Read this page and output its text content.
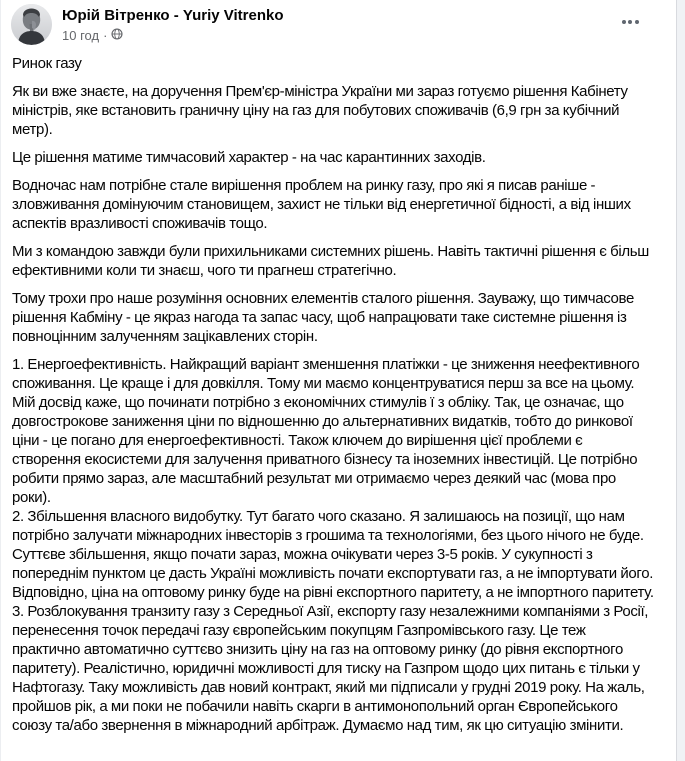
Юрій Вітренко - Yuriy Vitrenko
10 год ·

Ринок газу

Як ви вже знаєте, на доручення Прем'єр-міністра України ми зараз готуємо рішення Кабінету міністрів, яке встановить граничну ціну на газ для побутових споживачів (6,9 грн за кубічний метр).

Це рішення матиме тимчасовий характер - на час карантинних заходів.

Водночас нам потрібне стале вирішення проблем на ринку газу, про які я писав раніше - зловживання домінуючим становищем, захист не тільки від енергетичної бідності, а від інших аспектів вразливості споживачів тощо.

Ми з командою завжди були прихильниками системних рішень. Навіть тактичні рішення є більш ефективними коли ти знаєш, чого ти прагнеш стратегічно.

Тому трохи про наше розуміння основних елементів сталого рішення. Зауважу, що тимчасове рішення Кабміну - це якраз нагода та запас часу, щоб напрацювати таке системне рішення із повноцінним залученням зацікавлених сторін.

1. Енергоефективність. Найкращий варіант зменшення платіжки - це зниження неефективного споживання. Це краще і для довкілля. Тому ми маємо концентруватися перш за все на цьому. Мій досвід каже, що починати потрібно з економічних стимулів ї з обліку. Так, це означає, що довгострокове заниження ціни по відношенню до альтернативних видатків, тобто до ринкової ціни - це погано для енергоефективності. Також ключем до вирішення цієї проблеми є створення екосистеми для залучення приватного бізнесу та іноземних інвестицій. Це потрібно робити прямо зараз, але масштабний результат ми отримаємо через деякий час (мова про роки).

2. Збільшення власного видобутку. Тут багато чого сказано. Я залишаюсь на позиції, що нам потрібно залучати міжнародних інвесторів з грошима та технологіями, без цього нічого не буде. Суттєве збільшення, якщо почати зараз, можна очікувати через 3-5 років. У сукупності з попереднім пунктом це дасть Україні можливість почати експортувати газ, а не імпортувати його. Відповідно, ціна на оптовому ринку буде на рівні експортного паритету, а не імпортного паритету.

3. Розблокування транзиту газу з Середньої Азії, експорту газу незалежними компаніями з Росії, перенесення точок передачі газу європейським покупцям Газпромівського газу. Це теж практично автоматично суттєво знизить ціну на газ на оптовому ринку (до рівня експортного паритету). Реалістично, юридичні можливості для тиску на Газпром щодо цих питань є тільки у Нафтогазу. Таку можливість дав новий контракт, який ми підписали у грудні 2019 року. На жаль, пройшов рік, а ми поки не побачили навіть скарги в антимонопольний орган Європейського союзу та/або звернення в міжнародний арбітраж. Думаємо над тим, як цю ситуацію змінити.
